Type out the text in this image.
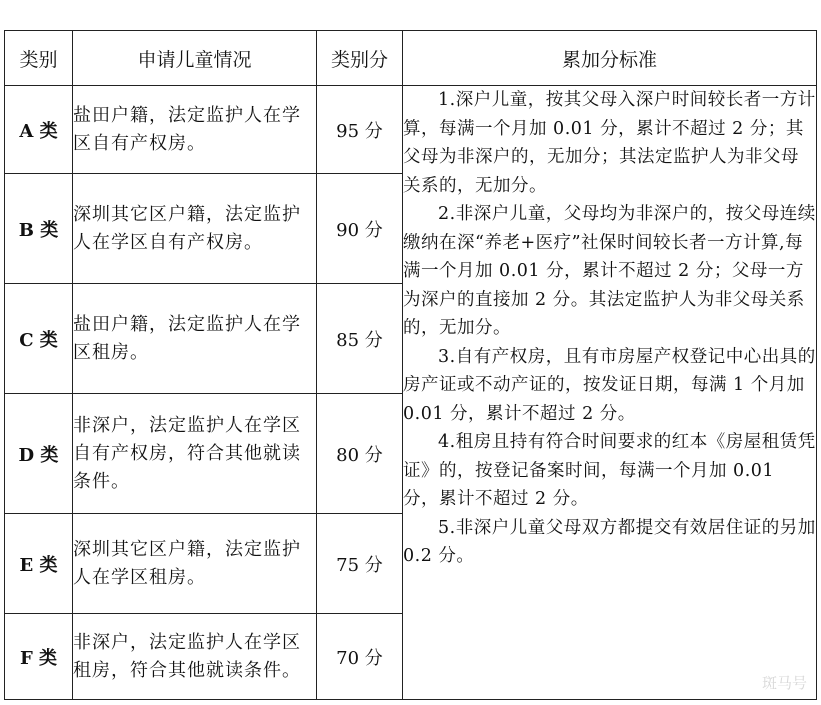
类别	申请儿童情况	类别分	累加分标准
A 类	盐田户籍，法定监护人在学区自有产权房。	95 分	1.深户儿童，按其父母入深户时间较长者一方计算，每满一个月加 0.01 分，累计不超过 2 分；其父母为非深户的，无加分；其法定监护人为非父母关系的，无加分。

2.非深户儿童，父母均为非深户的，按父母连续缴纳在深“养老+医疗”社保时间较长者一方计算,每满一个月加 0.01 分，累计不超过 2 分；父母一方为深户的直接加 2 分。其法定监护人为非父母关系的，无加分。

3.自有产权房，且有市房屋产权登记中心出具的房产证或不动产证的，按发证日期，每满 1 个月加 0.01 分，累计不超过 2 分。

4.租房且持有符合时间要求的红本《房屋租赁凭证》的，按登记备案时间，每满一个月加 0.01 分，累计不超过 2 分。

5.非深户儿童父母双方都提交有效居住证的另加 0.2 分。

B 类	深圳其它区户籍，法定监护人在学区自有产权房。	90 分	
C 类	盐田户籍，法定监护人在学区租房。	85 分	
D 类	非深户，法定监护人在学区自有产权房，符合其他就读条件。	80 分	
E 类	深圳其它区户籍，法定监护人在学区租房。	75 分	
F 类	非深户，法定监护人在学区租房，符合其他就读条件。	70 分	
斑马号
